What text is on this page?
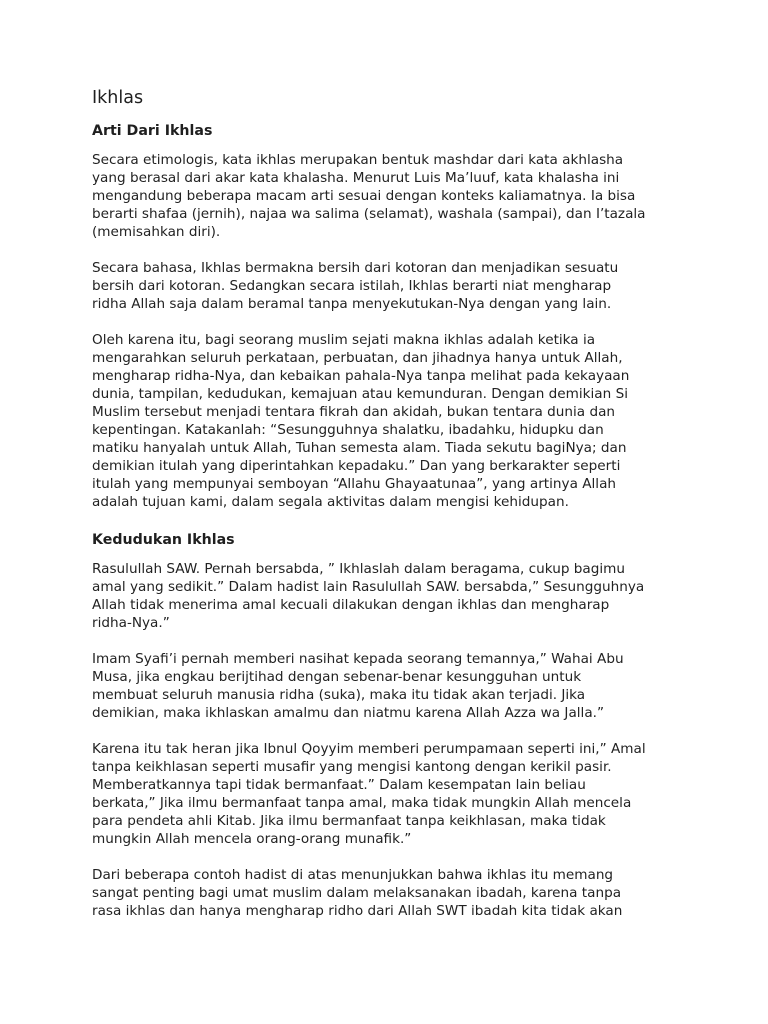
Ikhlas
Arti Dari Ikhlas

Secara etimologis, kata ikhlas merupakan bentuk mashdar dari kata akhlasha
yang berasal dari akar kata khalasha. Menurut Luis Ma’luuf, kata khalasha ini
mengandung beberapa macam arti sesuai dengan konteks kaliamatnya. Ia bisa
berarti shafaa (jernih), najaa wa salima (selamat), washala (sampai), dan I’tazala
(memisahkan diri).

Secara bahasa, Ikhlas bermakna bersih dari kotoran dan menjadikan sesuatu
bersih dari kotoran. Sedangkan secara istilah, Ikhlas berarti niat mengharap
ridha Allah saja dalam beramal tanpa menyekutukan-Nya dengan yang lain.

Oleh karena itu, bagi seorang muslim sejati makna ikhlas adalah ketika ia
mengarahkan seluruh perkataan, perbuatan, dan jihadnya hanya untuk Allah,
mengharap ridha-Nya, dan kebaikan pahala-Nya tanpa melihat pada kekayaan
dunia, tampilan, kedudukan, kemajuan atau kemunduran. Dengan demikian Si
Muslim tersebut menjadi tentara fikrah dan akidah, bukan tentara dunia dan
kepentingan. Katakanlah: “Sesungguhnya shalatku, ibadahku, hidupku dan
matiku hanyalah untuk Allah, Tuhan semesta alam. Tiada sekutu bagiNya; dan
demikian itulah yang diperintahkan kepadaku.” Dan yang berkarakter seperti
itulah yang mempunyai semboyan “Allahu Ghayaatunaa”, yang artinya Allah
adalah tujuan kami, dalam segala aktivitas dalam mengisi kehidupan.

Kedudukan Ikhlas

Rasulullah SAW. Pernah bersabda, ” Ikhlaslah dalam beragama, cukup bagimu
amal yang sedikit.” Dalam hadist lain Rasulullah SAW. bersabda,” Sesungguhnya
Allah tidak menerima amal kecuali dilakukan dengan ikhlas dan mengharap
ridha-Nya.”

Imam Syafi’i pernah memberi nasihat kepada seorang temannya,” Wahai Abu
Musa, jika engkau berijtihad dengan sebenar-benar kesungguhan untuk
membuat seluruh manusia ridha (suka), maka itu tidak akan terjadi. Jika
demikian, maka ikhlaskan amalmu dan niatmu karena Allah Azza wa Jalla.”

Karena itu tak heran jika Ibnul Qoyyim memberi perumpamaan seperti ini,” Amal
tanpa keikhlasan seperti musafir yang mengisi kantong dengan kerikil pasir.
Memberatkannya tapi tidak bermanfaat.” Dalam kesempatan lain beliau
berkata,” Jika ilmu bermanfaat tanpa amal, maka tidak mungkin Allah mencela
para pendeta ahli Kitab. Jika ilmu bermanfaat tanpa keikhlasan, maka tidak
mungkin Allah mencela orang-orang munafik.”

Dari beberapa contoh hadist di atas menunjukkan bahwa ikhlas itu memang
sangat penting bagi umat muslim dalam melaksanakan ibadah, karena tanpa
rasa ikhlas dan hanya mengharap ridho dari Allah SWT ibadah kita tidak akan
